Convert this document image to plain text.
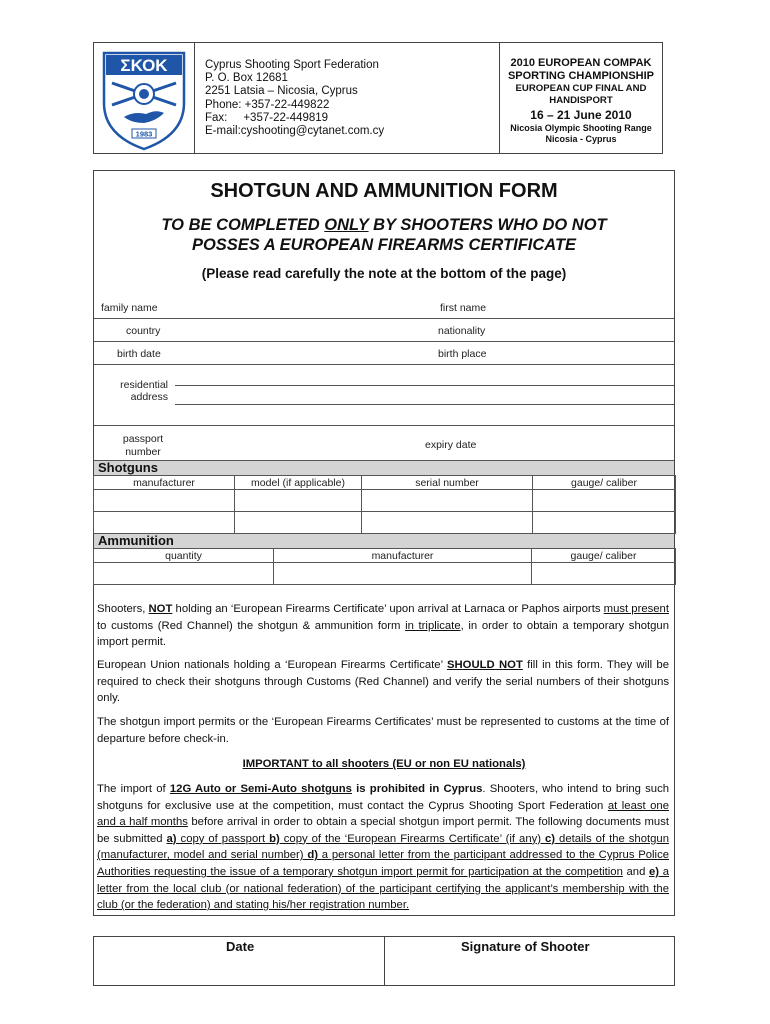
ΣΚΟΚ
1983
Cyprus Shooting Sport Federation
P. O. Box 12681
2251 Latsia – Nicosia, Cyprus
Phone: +357-22-449822
Fax:     +357-22-449819
E-mail:cyshooting@cytanet.com.cy
2010 EUROPEAN COMPAK
SPORTING CHAMPIONSHIP
EUROPEAN CUP FINAL AND HANDISPORT
16 – 21 June 2010
Nicosia Olympic Shooting Range
Nicosia - Cyprus
SHOTGUN AND AMMUNITION FORM
TO BE COMPLETED ONLY BY SHOOTERS WHO DO NOT
POSSES A EUROPEAN FIREARMS CERTIFICATE
(Please read carefully the note at the bottom of the page)
family name	first name
country	nationality
birth date	birth place
residential
address
passport
number
expiry date
Shotguns
manufacturer	model (if applicable)	serial number	gauge/ caliber

Ammunition
quantity	manufacturer	gauge/ caliber

Shooters, NOT holding an ‘European Firearms Certificate’ upon arrival at Larnaca or Paphos airports must present to customs (Red Channel) the shotgun & ammunition form in triplicate, in order to obtain a temporary shotgun import permit.
European Union nationals holding a ‘European Firearms Certificate’ SHOULD NOT fill in this form. They will be required to check their shotguns through Customs (Red Channel) and verify the serial numbers of their shotguns only.
The shotgun import permits or the ‘European Firearms Certificates’ must be represented to customs at the time of departure before check-in.
IMPORTANT to all shooters (EU or non EU nationals)
The import of 12G Auto or Semi-Auto shotguns is prohibited in Cyprus. Shooters, who intend to bring such shotguns for exclusive use at the competition, must contact the Cyprus Shooting Sport Federation at least one and a half months before arrival in order to obtain a special shotgun import permit. The following documents must be submitted a) copy of passport b) copy of the ‘European Firearms Certificate’ (if any) c) details of the shotgun (manufacturer, model and serial number) d) a personal letter from the participant addressed to the Cyprus Police Authorities requesting the issue of a temporary shotgun import permit for participation at the competition and e) a letter from the local club (or national federation) of the participant certifying the applicant’s membership with the club (or the federation) and stating his/her registration number.
Date	Signature of Shooter
